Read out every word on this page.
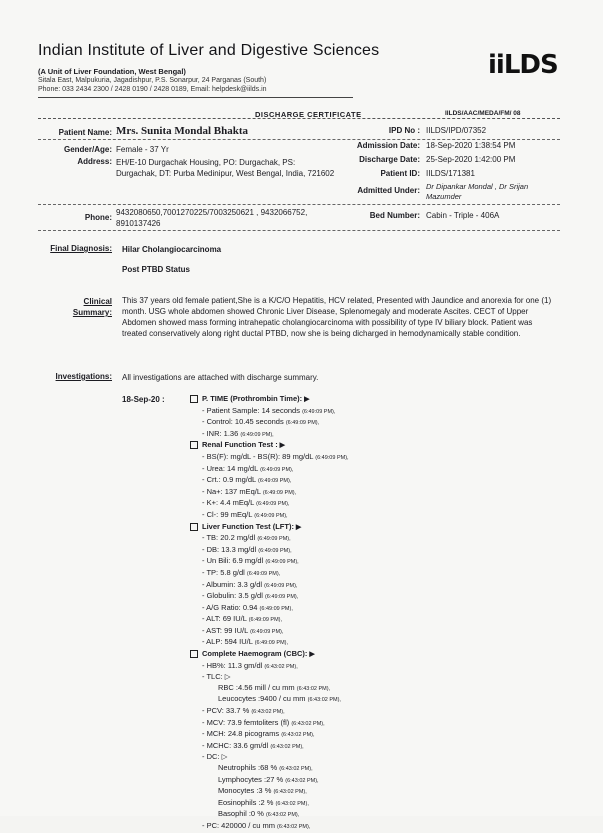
Indian Institute of Liver and Digestive Sciences
(A Unit of Liver Foundation, West Bengal)
Sitala East, Malpukuria, Jagadishpur, P.S. Sonarpur, 24 Parganas (South)
Phone: 033 2434 2300 / 2428 0190 / 2428 0189, Email: helpdesk@iilds.in
iiLDS
DISCHARGE CERTIFICATE	IILDS/AAC/MEDA/FM/ 08
Patient Name: Mrs. Sunita Mondal Bhakta	IPD No : IILDS/IPD/07352
Gender/Age: Female - 37 Yr	Admission Date: 18-Sep-2020 1:38:54 PM
Address: EH/E-10 Durgachak Housing, PO: Durgachak, PS: Durgachak, DT: Purba Medinipur, West Bengal, India, 721602
Discharge Date: 25-Sep-2020 1:42:00 PM
Patient ID: IILDS/171381
Admitted Under: Dr Dipankar Mondal , Dr Srijan Mazumder
Phone:
9432080650,7001270225/7003250621 , 9432066752, 8910137426
Bed Number: Cabin - Triple - 406A
Final Diagnosis: Hilar Cholangiocarcinoma
Post PTBD Status
Clinical
Summary:
This 37 years old female patient,She is a K/C/O Hepatitis, HCV related, Presented with Jaundice and anorexia for one (1) month. USG whole abdomen showed Chronic Liver Disease, Splenomegaly and moderate Ascites. CECT of Upper Abdomen showed mass forming intrahepatic cholangiocarcinoma with possibility of type IV biliary block. Patient was treated conservatively along right ductal PTBD, now she is being dicharged in hemodynamically stable condition.
Investigations: All investigations are attached with discharge summary.
18-Sep-20 :	P. TIME (Prothrombin Time): ▶
- Patient Sample: 14 seconds (6:49:09 PM),
- Control: 10.45 seconds (6:49:09 PM),
- INR: 1.36 (6:49:09 PM),
Renal Function Test : ▶
- BS(F): mg/dL - BS(R): 89 mg/dL (6:49:09 PM),
- Urea: 14 mg/dL (6:49:09 PM),
- Crt.: 0.9 mg/dL (6:49:09 PM),
- Na+: 137 mEq/L (6:49:09 PM),
- K+: 4.4 mEq/L (6:49:09 PM),
- Cl-: 99 mEq/L (6:49:09 PM),
Liver Function Test (LFT): ▶
- TB: 20.2 mg/dl (6:49:09 PM),
- DB: 13.3 mg/dl (6:49:09 PM),
- Un Bili: 6.9 mg/dl (6:49:09 PM),
- TP: 5.8 g/dl (6:49:09 PM),
- Albumin: 3.3 g/dl (6:49:09 PM),
- Globulin: 3.5 g/dl (6:49:09 PM),
- A/G Ratio: 0.94 (6:49:09 PM),
- ALT: 69 IU/L (6:49:09 PM),
- AST: 99 IU/L (6:49:09 PM),
- ALP: 594 IU/L (6:49:09 PM),
Complete Haemogram (CBC): ▶
- HB%: 11.3 gm/dl (6:43:02 PM),
- TLC: ▷
RBC :4.56 mill / cu mm (6:43:02 PM),
Leucocytes :9400 / cu mm (6:43:02 PM),
- PCV: 33.7 % (6:43:02 PM),
- MCV: 73.9 femtoliters (fl) (6:43:02 PM),
- MCH: 24.8 picograms (6:43:02 PM),
- MCHC: 33.6 gm/dl (6:43:02 PM),
- DC: ▷
Neutrophils :68 % (6:43:02 PM),
Lymphocytes :27 % (6:43:02 PM),
Monocytes :3 % (6:43:02 PM),
Eosinophils :2 % (6:43:02 PM),
Basophil :0 % (6:43:02 PM),
- PC: 420000 / cu mm (6:43:02 PM),
